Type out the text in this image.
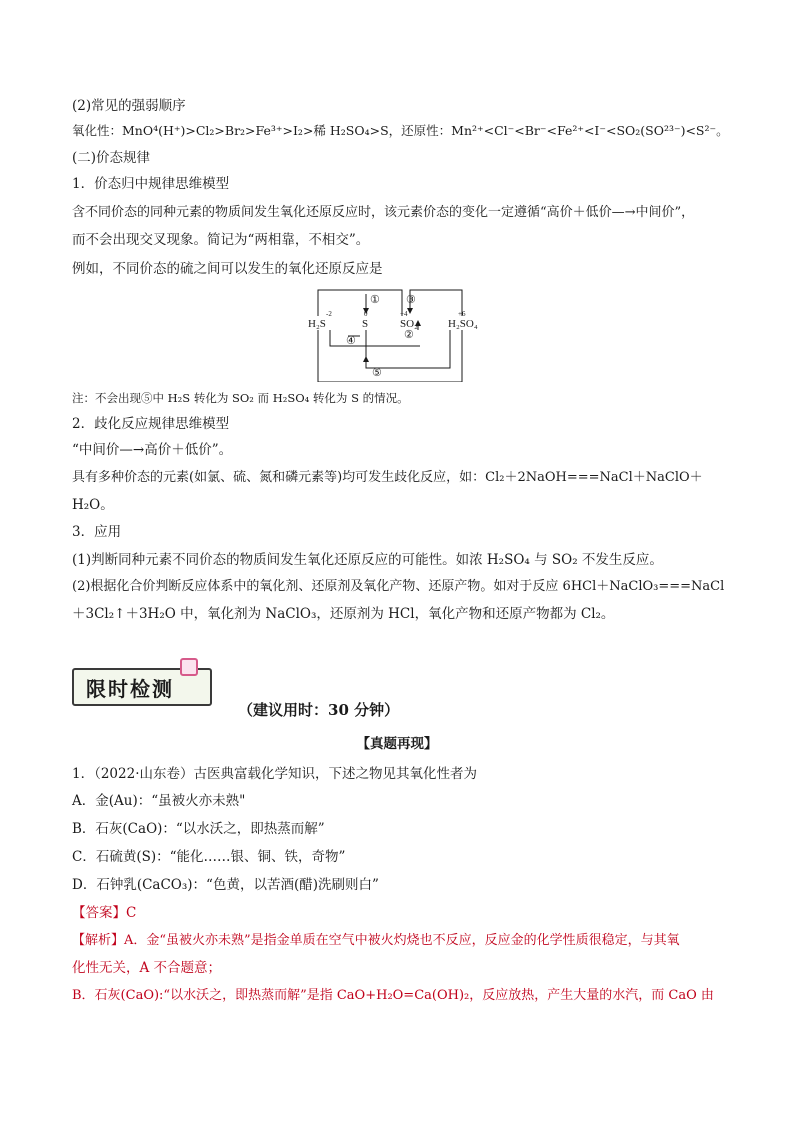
(2)常见的强弱顺序
氧化性：MnO⁴(H⁺)>Cl₂>Br₂>Fe³⁺>I₂>稀 H₂SO₄>S，还原性：Mn²⁺<Cl⁻<Br⁻<Fe²⁺<I⁻<SO₂(SO²³⁻)<S²⁻。
(二)价态规律
1．价态归中规律思维模型
含不同价态的同种元素的物质间发生氧化还原反应时，该元素价态的变化一定遵循“高价＋低价—→中间价”，
而不会出现交叉现象。简记为“两相靠，不相交”。
例如，不同价态的硫之间可以发生的氧化还原反应是
①
②
③
④
⑤
-2	0	+4	+6
H₂S	S	SO₂	H₂SO₄
注：不会出现⑤中 H₂S 转化为 SO₂ 而 H₂SO₄ 转化为 S 的情况。
2．歧化反应规律思维模型
“中间价—→高价＋低价”。
具有多种价态的元素(如氯、硫、氮和磷元素等)均可发生歧化反应，如：Cl₂＋2NaOH===NaCl＋NaClO＋
H₂O。
3．应用
(1)判断同种元素不同价态的物质间发生氧化还原反应的可能性。如浓 H₂SO₄ 与 SO₂ 不发生反应。
(2)根据化合价判断反应体系中的氧化剂、还原剂及氧化产物、还原产物。如对于反应 6HCl＋NaClO₃===NaCl
＋3Cl₂↑＋3H₂O 中，氧化剂为 NaClO₃，还原剂为 HCl，氧化产物和还原产物都为 Cl₂。
限时检测
（建议用时：30 分钟）
【真题再现】
1．（2022·山东卷）古医典富载化学知识，下述之物见其氧化性者为
A．金(Au)：“虽被火亦未熟"
B．石灰(CaO)：“以水沃之，即热蒸而解”
C．石硫黄(S)：“能化……银、铜、铁，奇物”
D．石钟乳(CaCO₃)：“色黄，以苦酒(醋)洗刷则白”
【答案】C
【解析】A．金“虽被火亦未熟”是指金单质在空气中被火灼烧也不反应，反应金的化学性质很稳定，与其氧
化性无关，A 不合题意；
B．石灰(CaO):“以水沃之，即热蒸而解”是指 CaO+H₂O=Ca(OH)₂，反应放热，产生大量的水汽，而 CaO 由
